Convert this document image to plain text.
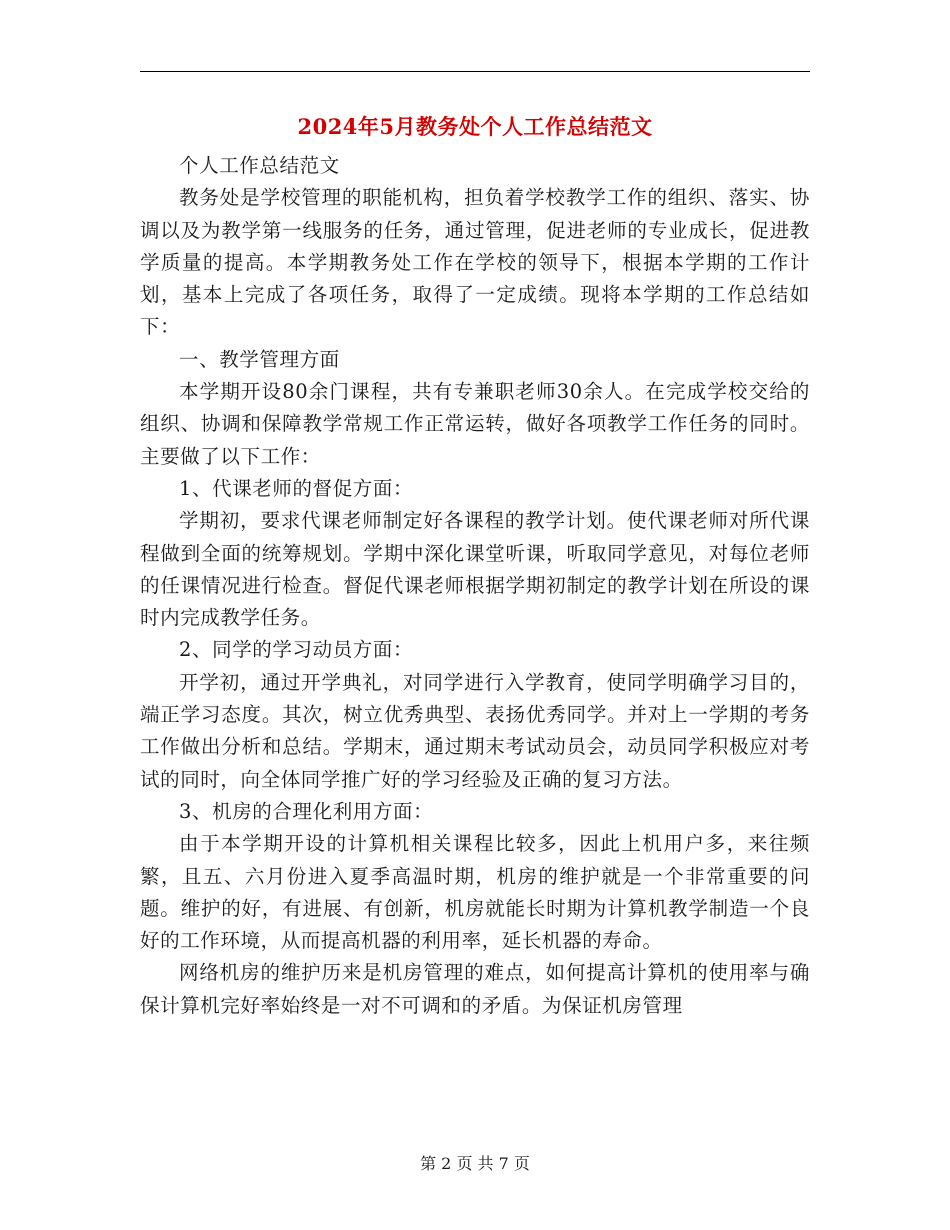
2024年5月教务处个人工作总结范文

个人工作总结范文

教务处是学校管理的职能机构，担负着学校教学工作的组织、落实、协调以及为教学第一线服务的任务，通过管理，促进老师的专业成长，促进教学质量的提高。本学期教务处工作在学校的领导下，根据本学期的工作计划，基本上完成了各项任务，取得了一定成绩。现将本学期的工作总结如下：

一、教学管理方面

本学期开设80余门课程，共有专兼职老师30余人。在完成学校交给的组织、协调和保障教学常规工作正常运转，做好各项教学工作任务的同时。主要做了以下工作：

1、代课老师的督促方面：

学期初，要求代课老师制定好各课程的教学计划。使代课老师对所代课程做到全面的统筹规划。学期中深化课堂听课，听取同学意见，对每位老师的任课情况进行检查。督促代课老师根据学期初制定的教学计划在所设的课时内完成教学任务。

2、同学的学习动员方面：

开学初，通过开学典礼，对同学进行入学教育，使同学明确学习目的，端正学习态度。其次，树立优秀典型、表扬优秀同学。并对上一学期的考务工作做出分析和总结。学期末，通过期末考试动员会，动员同学积极应对考试的同时，向全体同学推广好的学习经验及正确的复习方法。

3、机房的合理化利用方面：

由于本学期开设的计算机相关课程比较多，因此上机用户多，来往频繁，且五、六月份进入夏季高温时期，机房的维护就是一个非常重要的问题。维护的好，有进展、有创新，机房就能长时期为计算机教学制造一个良好的工作环境，从而提高机器的利用率，延长机器的寿命。

网络机房的维护历来是机房管理的难点，如何提高计算机的使用率与确保计算机完好率始终是一对不可调和的矛盾。为保证机房管理

第 2 页 共 7 页
